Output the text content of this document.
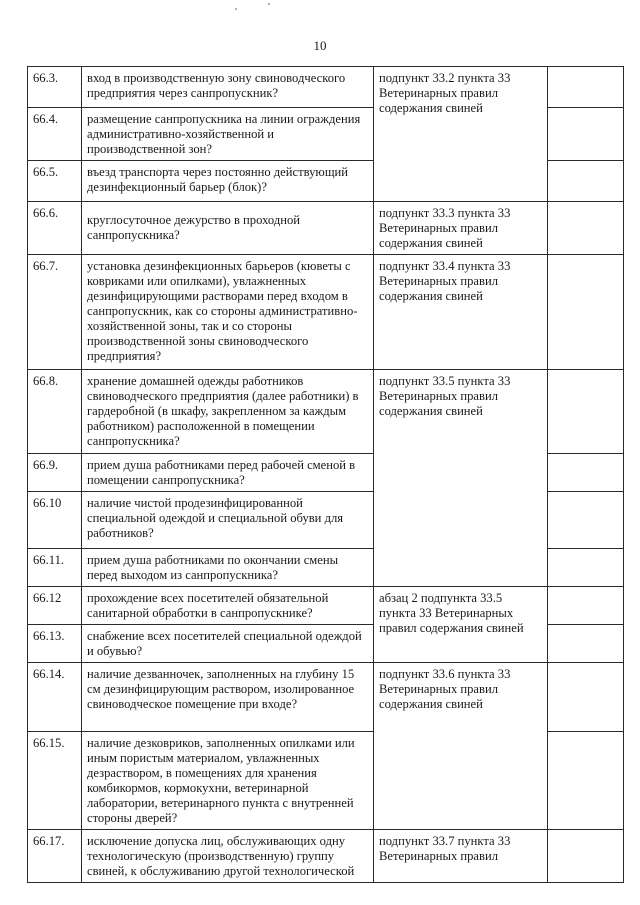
10
66.3.	вход в производственную зону свиноводческого предприятия через санпропускник?	подпункт 33.2 пункта 33 Ветеринарных правил содержания свиней	
66.4.	размещение санпропускника на линии ограждения административно-хозяйственной и производственной зон?		
66.5.	въезд транспорта через постоянно действующий дезинфекционный барьер (блок)?		
66.6.	круглосуточное дежурство в проходной санпропускника?	подпункт 33.3 пункта 33 Ветеринарных правил содержания свиней	
66.7.	установка дезинфекционных барьеров (кюветы с ковриками или опилками), увлажненных дезинфицирующими растворами перед входом в санпропускник, как со стороны административно-хозяйственной зоны, так и со стороны производственной зоны свиноводческого предприятия?	подпункт 33.4 пункта 33 Ветеринарных правил содержания свиней	
66.8.	хранение домашней одежды работников свиноводческого предприятия (далее работники) в гардеробной (в шкафу, закрепленном за каждым работником) расположенной в помещении санпропускника?	подпункт 33.5 пункта 33 Ветеринарных правил содержания свиней	
66.9.	прием душа работниками перед рабочей сменой в помещении санпропускника?		
66.10	наличие чистой продезинфицированной специальной одеждой и специальной обуви для работников?		
66.11.	прием душа работниками по окончании смены перед выходом из санпропускника?		
66.12	прохождение всех посетителей обязательной санитарной обработки в санпропускнике?	абзац 2 подпункта 33.5 пункта 33 Ветеринарных правил содержания свиней	
66.13.	снабжение всех посетителей специальной одеждой и обувью?		
66.14.	наличие дезванночек, заполненных на глубину 15 см дезинфицирующим раствором, изолированное свиноводческое помещение при входе?	подпункт 33.6 пункта 33 Ветеринарных правил содержания свиней	
66.15.	наличие дезковриков, заполненных опилками или иным пористым материалом, увлажненных дезраствором, в помещениях для хранения комбикормов, кормокухни, ветеринарной лаборатории, ветеринарного пункта с внутренней стороны дверей?		
66.17.	исключение допуска лиц, обслуживающих одну технологическую (производственную) группу свиней, к обслуживанию другой технологической	подпункт 33.7 пункта 33 Ветеринарных правил	
